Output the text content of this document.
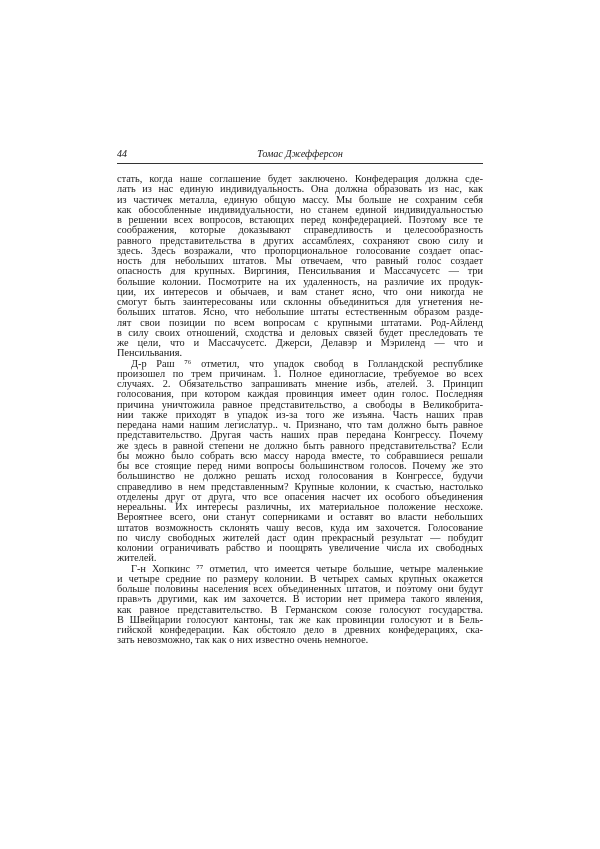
44	Томас Джефферсон
стать, когда наше соглашение будет заключено. Конфедерация должна сде-
лать из нас единую индивидуальность. Она должна образовать из нас, как
из частичек металла, единую общую массу. Мы больше не сохраним себя
как обособленные индивидуальности, но станем единой индивидуальностью
в решении всех вопросов, встающих перед конфедерацией. Поэтому все те
соображения, которые доказывают справедливость и целесообразность
равного представительства в других ассамблеях, сохраняют свою силу и
здесь. Здесь возражали, что пропорциональное голосование создает опас-
ность для небольших штатов. Мы отвечаем, что равный голос создает
опасность для крупных. Виргиния, Пенсильвания и Массачусетс — три
большие колонии. Посмотрите на их удаленность, на различие их продук-
ции, их интересов и обычаев, и вам станет ясно, что они никогда не
смогут быть заинтересованы или склонны объединиться для угнетения не-
больших штатов. Ясно, что небольшие штаты естественным образом разде-
лят свои позиции по всем вопросам с крупными штатами. Род-Айленд
в силу своих отношений, сходства и деловых связей будет преследовать те
же цели, что и Массачусетс. Джерси, Делавэр и Мэриленд — что и
Пенсильвания.
Д-р Раш ⁷⁶ отметил, что упадок свобод в Голландской республике
произошел по трем причинам. 1. Полное единогласие, требуемое во всех
случаях. 2. Обязательство запрашивать мнение избь, ателей. 3. Принцип
голосования, при котором каждая провинция имеет один голос. Последняя
причина уничтожила равное представительство, а свободы в Великобрита-
нии также приходят в упадок из-за того же изъяна. Часть наших прав
передана нами нашим легислатур.. ч. Признано, что там должно быть равное
представительство. Другая часть наших прав передана Конгрессу. Почему
же здесь в равной степени не должно быть равного представительства? Если
бы можно было собрать всю массу народа вместе, то собравшиеся решали
бы все стоящие перед ними вопросы большинством голосов. Почему же это
большинство не должно решать исход голосования в Конгрессе, будучи
справедливо в нем представленным? Крупные колонии, к счастью, настолько
отделены друг от друга, что все опасения насчет их особого объединения
нереальны. Их интересы различны, их материальное положение несхоже.
Вероятнее всего, они станут соперниками и оставят во власти небольших
штатов возможность склонять чашу весов, куда им захочется. Голосование
по числу свободных жителей даст один прекрасный результат — побудит
колонии ограничивать рабство и поощрять увеличение числа их свободных
жителей.
Г-н Хопкинс ⁷⁷ отметил, что имеется четыре большие, четыре маленькие
и четыре средние по размеру колонии. В четырех самых крупных окажется
больше половины населения всех объединенных штатов, и поэтому они будут
прав»ть другими, как им захочется. В истории нет примера такого явления,
как равное представительство. В Германском союзе голосуют государства.
В Швейцарии голосуют кантоны, так же как провинции голосуют и в Бель-
гийской конфедерации. Как обстояло дело в древних конфедерациях, ска-
зать невозможно, так как о них известно очень немногое.
